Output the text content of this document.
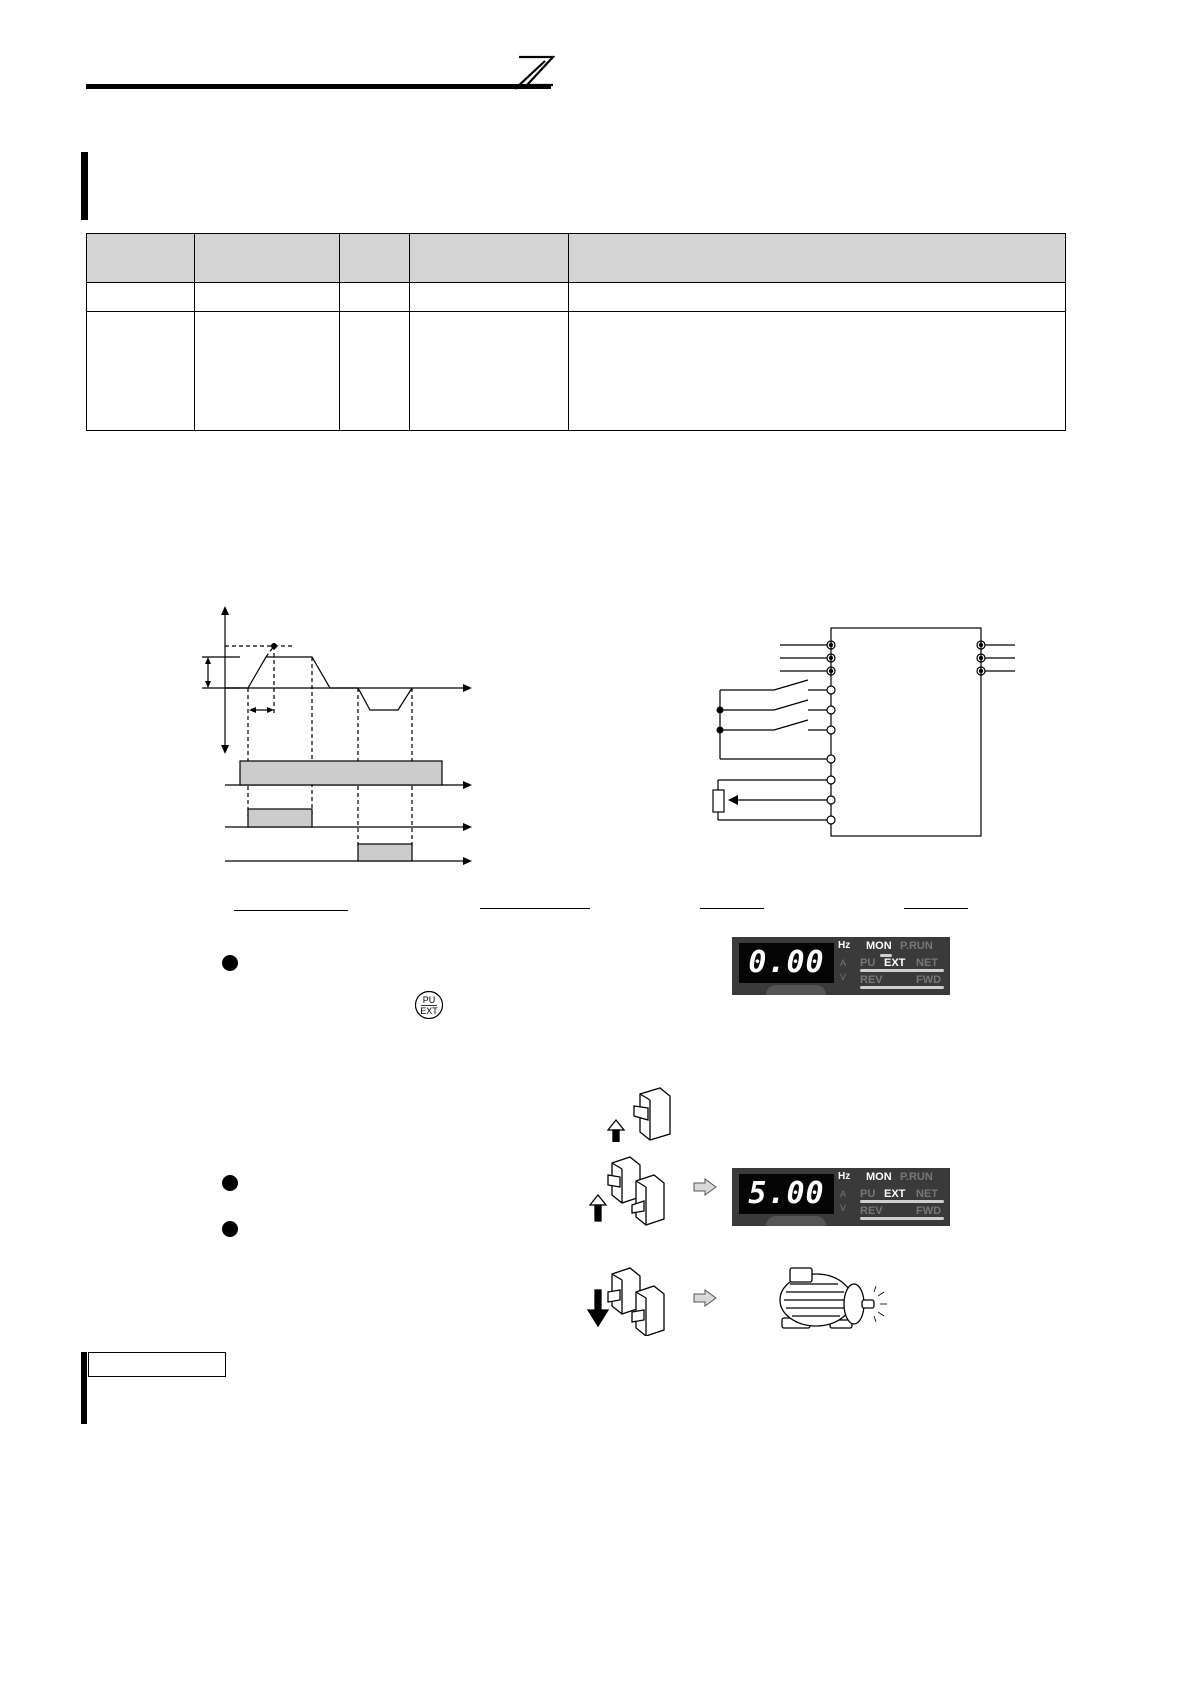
PU
EXT
0.00	Hz
A
V
MON P.RUN
PU EXT NET
REV	FWD
5.00	Hz
A
V
MON P.RUN
PU EXT NET
REV	FWD
